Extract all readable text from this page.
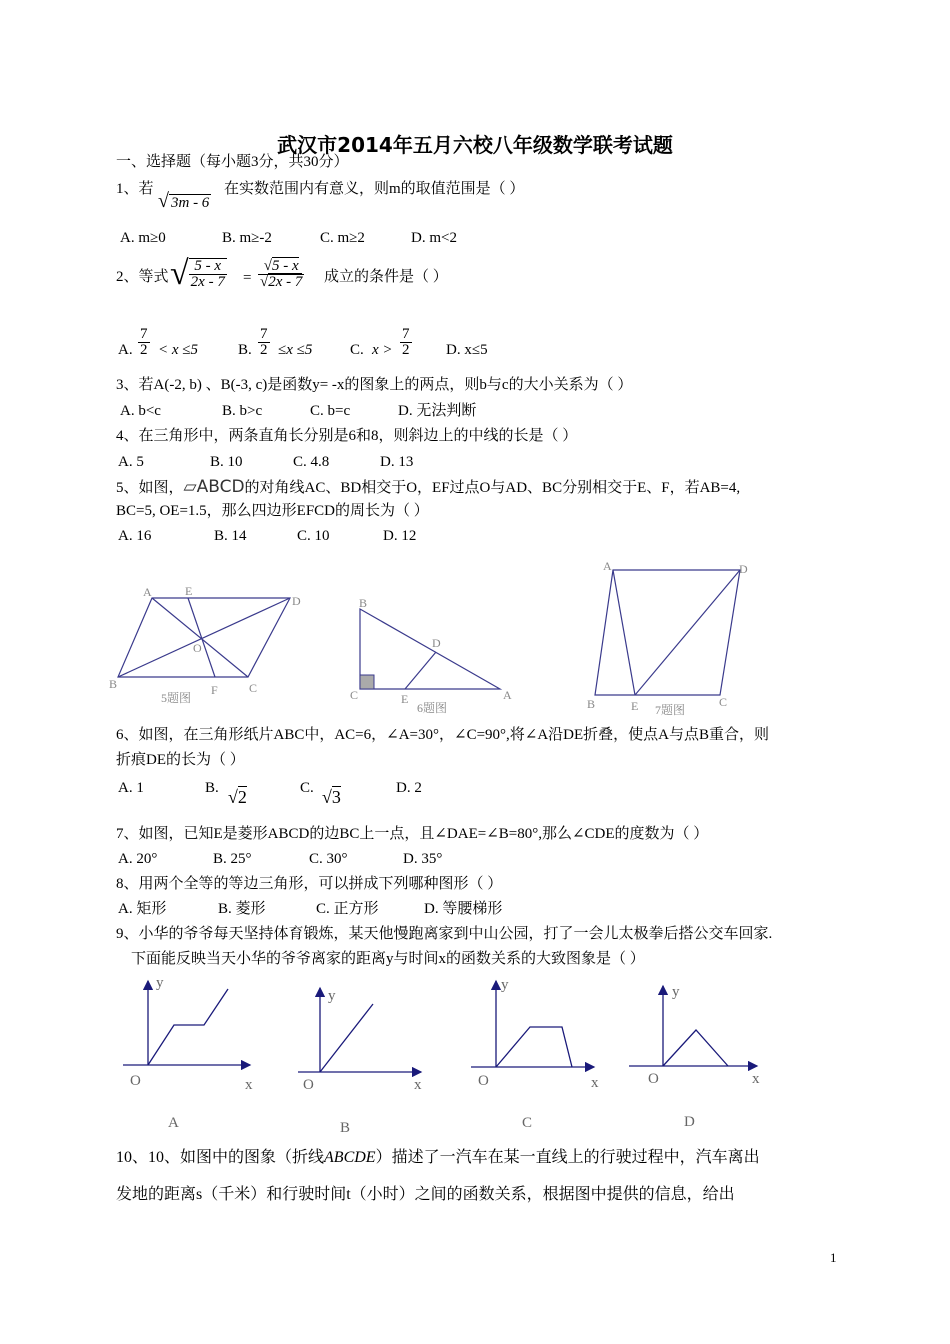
武汉市2014年五月六校八年级数学联考试题
一、选择题（每小题3分，共30分）
1、若
√ 3m - 6
在实数范围内有意义，则m的取值范围是（ ）
A. m≥0	B. m≥-2	C. m≥2	D. m<2
2、等式 √ $\frac{5 - x}{2x - 7} = \frac{√5 - x}{√2x - 7}$ 成立的条件是（ ）
A. $\frac{7}{2} < x \le 5$	B. $\frac{7}{2} \le x \le 5$	C. $x > \frac{7}{2} D$. x≤5
3、若A(-2, b) 、B(-3, c)是函数y= -x的图象上的两点，则b与c的大小关系为（ ）
A. b<c	B. b>c	C. b=c	D. 无法判断
4、在三角形中，两条直角长分别是6和8，则斜边上的中线的长是（ ）
A. 5	B. 10	C. 4.8	D. 13
5、如图，▱ABCD的对角线AC、BD相交于O，EF过点O与AD、BC分别相交于E、F，若AB=4,
BC=5, OE=1.5，那么四边形EFCD的周长为（ ）
A. 16	B. 14	C. 10	D. 12
A	E
D
O
B	F	C
5题图
B
D
C	E	A
6题图
A	D
B	E	C
7题图
6、如图，在三角形纸片ABC中，AC=6，∠A=30°，∠C=90°,将∠A沿DE折叠，使点A与点B重合，则
折痕DE的长为（ ）
A. 1	B. √2	C. √3	D. 2
7、如图，已知E是菱形ABCD的边BC上一点，且∠DAE=∠B=80°,那么∠CDE的度数为（ ）
A. 20°	B. 25°	C. 30°	D. 35°
8、用两个全等的等边三角形，可以拼成下列哪种图形（ ）
A. 矩形	B. 菱形	C. 正方形	D. 等腰梯形
9、小华的爷爷每天坚持体育锻炼，某天他慢跑离家到中山公园，打了一会儿太极拳后搭公交车回家.
下面能反映当天小华的爷爷离家的距离y与时间x的函数关系的大致图象是（ ）
y
O	x
A
y
O	x
B
y
O	x
C
y
O	x
D
10、10、如图中的图象（折线ABCDE）描述了一汽车在某一直线上的行驶过程中，汽车离出
发地的距离s（千米）和行驶时间t（小时）之间的函数关系，根据图中提供的信息，给出
1
